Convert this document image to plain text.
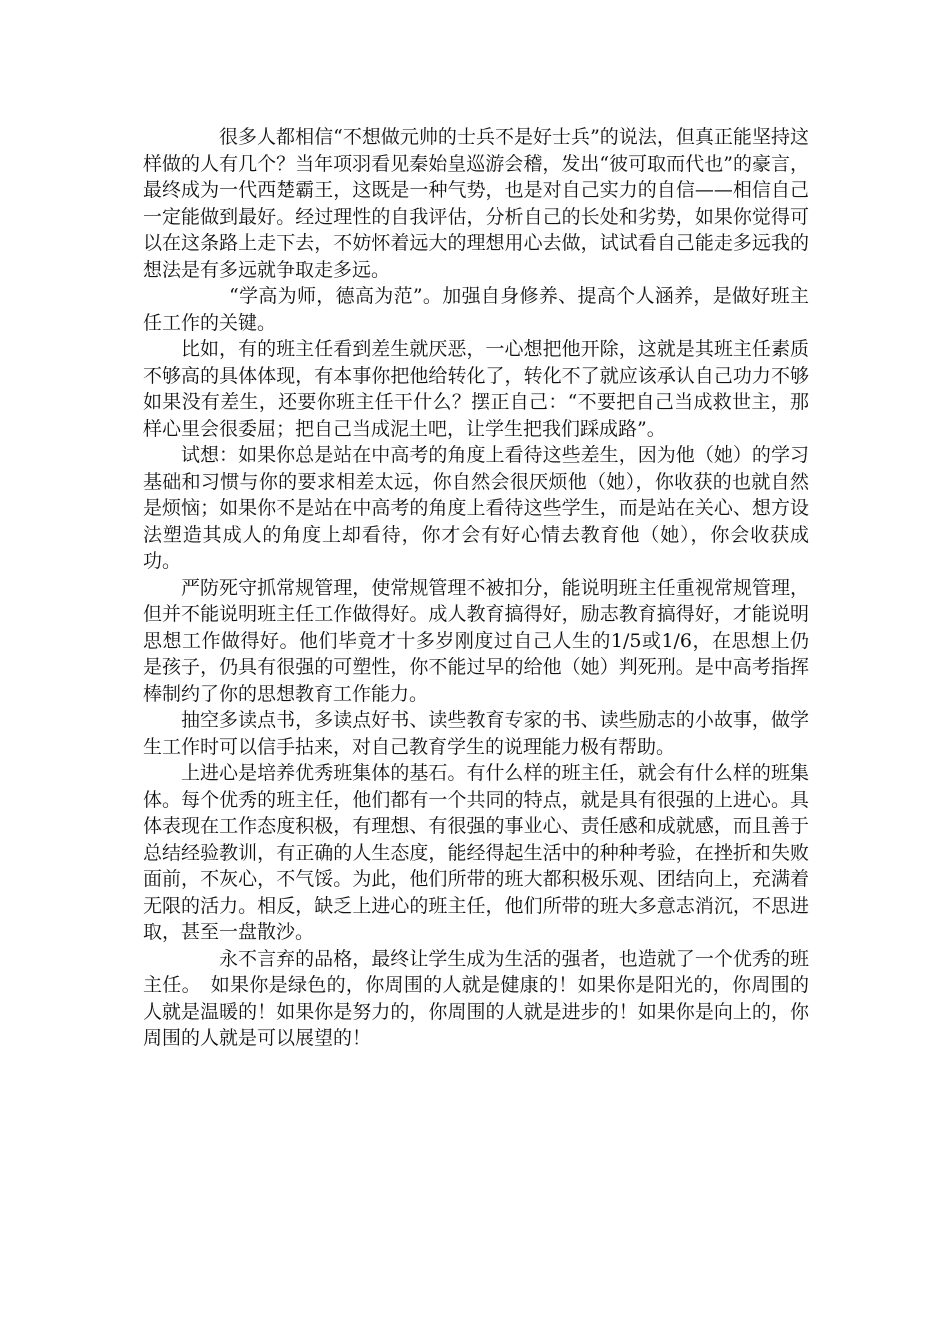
很多人都相信“不想做元帅的士兵不是好士兵”的说法，但真正能坚持这样做的人有几个？当年项羽看见秦始皇巡游会稽，发出“彼可取而代也”的豪言，最终成为一代西楚霸王，这既是一种气势，也是对自己实力的自信——相信自己一定能做到最好。经过理性的自我评估，分析自己的长处和劣势，如果你觉得可以在这条路上走下去，不妨怀着远大的理想用心去做，试试看自己能走多远我的想法是有多远就争取走多远。

“学高为师，德高为范”。加强自身修养、提高个人涵养，是做好班主任工作的关键。

比如，有的班主任看到差生就厌恶，一心想把他开除，这就是其班主任素质不够高的具体体现，有本事你把他给转化了，转化不了就应该承认自己功力不够如果没有差生，还要你班主任干什么？摆正自己：“不要把自己当成救世主，那样心里会很委屈；把自己当成泥土吧，让学生把我们踩成路”。

试想：如果你总是站在中高考的角度上看待这些差生，因为他（她）的学习基础和习惯与你的要求相差太远，你自然会很厌烦他（她），你收获的也就自然是烦恼；如果你不是站在中高考的角度上看待这些学生，而是站在关心、想方设法塑造其成人的角度上却看待，你才会有好心情去教育他（她），你会收获成功。

严防死守抓常规管理，使常规管理不被扣分，能说明班主任重视常规管理，但并不能说明班主任工作做得好。成人教育搞得好，励志教育搞得好，才能说明思想工作做得好。他们毕竟才十多岁刚度过自己人生的1/5或1/6，在思想上仍是孩子，仍具有很强的可塑性，你不能过早的给他（她）判死刑。是中高考指挥棒制约了你的思想教育工作能力。

抽空多读点书，多读点好书、读些教育专家的书、读些励志的小故事，做学生工作时可以信手拈来，对自己教育学生的说理能力极有帮助。

上进心是培养优秀班集体的基石。有什么样的班主任，就会有什么样的班集体。每个优秀的班主任，他们都有一个共同的特点，就是具有很强的上进心。具体表现在工作态度积极，有理想、有很强的事业心、责任感和成就感，而且善于总结经验教训，有正确的人生态度，能经得起生活中的种种考验，在挫折和失败面前，不灰心，不气馁。为此，他们所带的班大都积极乐观、团结向上，充满着无限的活力。相反，缺乏上进心的班主任，他们所带的班大多意志消沉，不思进取，甚至一盘散沙。

永不言弃的品格，最终让学生成为生活的强者，也造就了一个优秀的班主任。　如果你是绿色的，你周围的人就是健康的！如果你是阳光的，你周围的人就是温暖的！如果你是努力的，你周围的人就是进步的！如果你是向上的，你周围的人就是可以展望的！
